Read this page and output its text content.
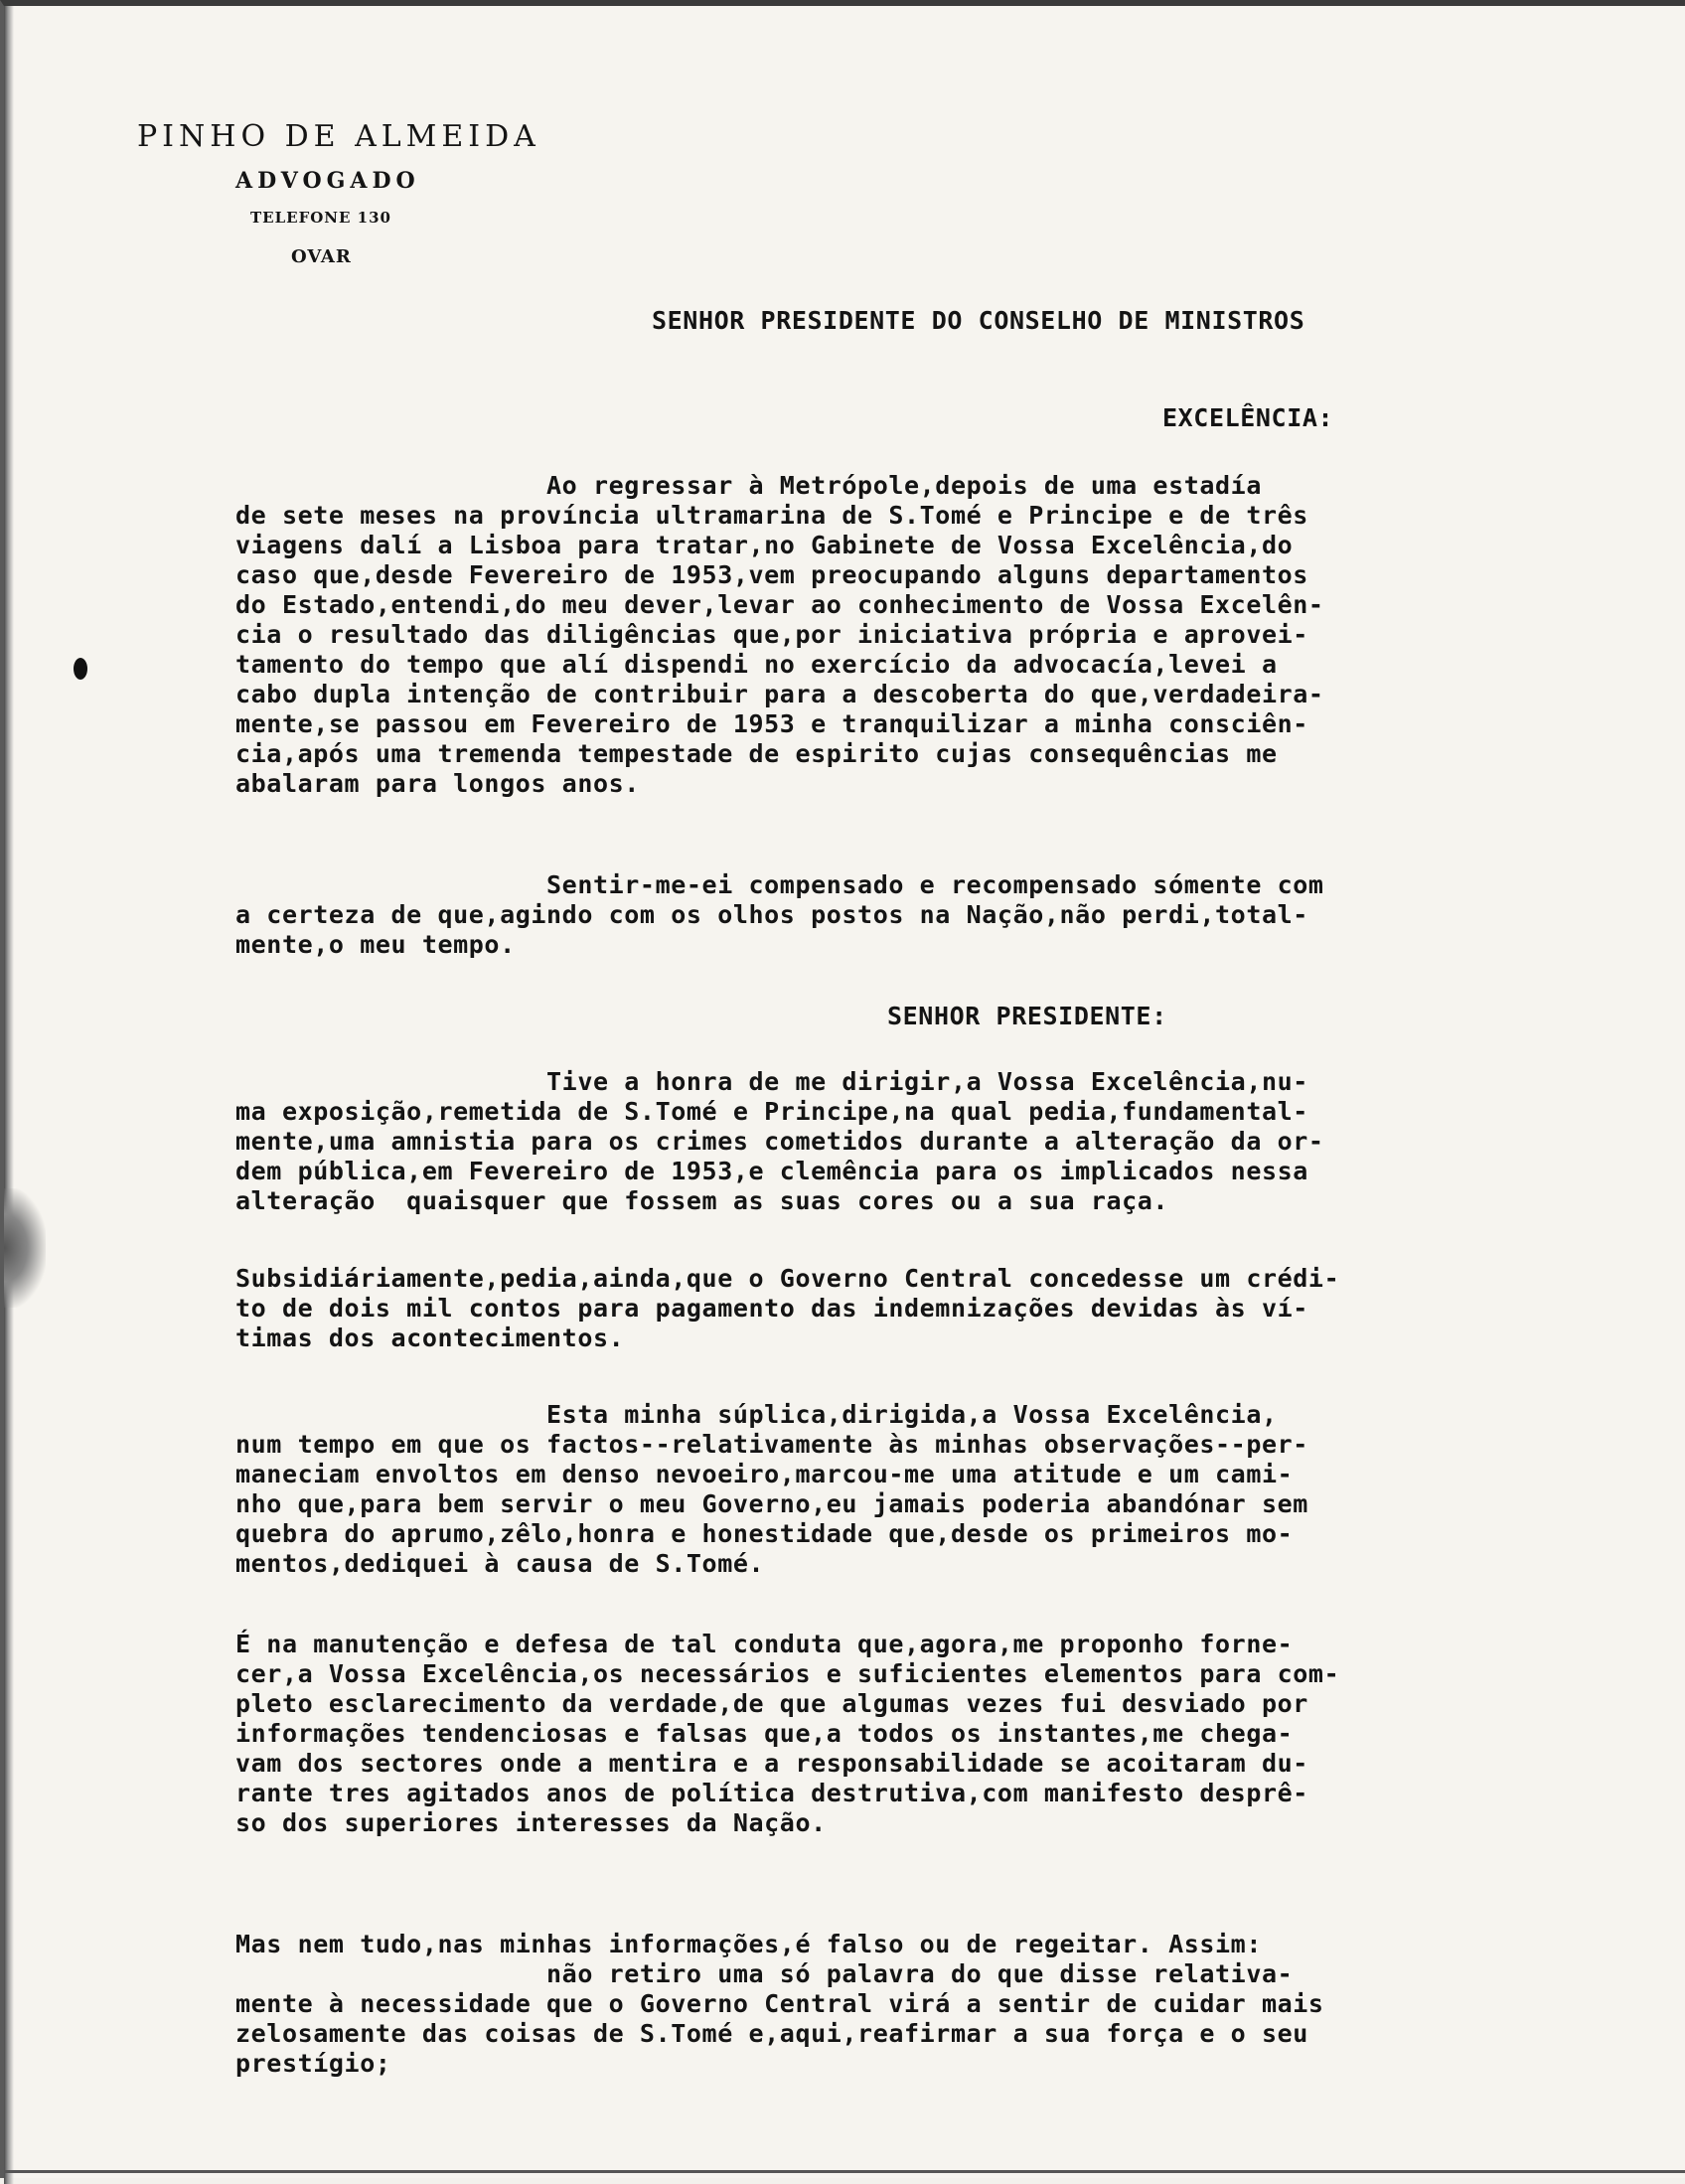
PINHO DE ALMEIDA
ADVOGADO
TELEFONE 130
OVAR
SENHOR PRESIDENTE DO CONSELHO DE MINISTROS
EXCELÊNCIA:
Ao regressar à Metrópole,depois de uma estadía
de sete meses na província ultramarina de S.Tomé e Principe e de três
viagens dalí a Lisboa para tratar,no Gabinete de Vossa Excelência,do
caso que,desde Fevereiro de 1953,vem preocupando alguns departamentos
do Estado,entendi,do meu dever,levar ao conhecimento de Vossa Excelên-
cia o resultado das diligências que,por iniciativa própria e aprovei-
tamento do tempo que alí dispendi no exercício da advocacía,levei a
cabo dupla intenção de contribuir para a descoberta do que,verdadeira-
mente,se passou em Fevereiro de 1953 e tranquilizar a minha consciên-
cia,após uma tremenda tempestade de espirito cujas consequências me
abalaram para longos anos.
Sentir-me-ei compensado e recompensado sómente com
a certeza de que,agindo com os olhos postos na Nação,não perdi,total-
mente,o meu tempo.
SENHOR PRESIDENTE:
Tive a honra de me dirigir,a Vossa Excelência,nu-
ma exposição,remetida de S.Tomé e Principe,na qual pedia,fundamental-
mente,uma amnistia para os crimes cometidos durante a alteração da or-
dem pública,em Fevereiro de 1953,e clemência para os implicados nessa
alteração  quaisquer que fossem as suas cores ou a sua raça.
Subsidiáriamente,pedia,ainda,que o Governo Central concedesse um crédi-
to de dois mil contos para pagamento das indemnizações devidas às ví-
timas dos acontecimentos.
Esta minha súplica,dirigida,a Vossa Excelência,
num tempo em que os factos--relativamente às minhas observações--per-
maneciam envoltos em denso nevoeiro,marcou-me uma atitude e um cami-
nho que,para bem servir o meu Governo,eu jamais poderia abandónar sem
quebra do aprumo,zêlo,honra e honestidade que,desde os primeiros mo-
mentos,dediquei à causa de S.Tomé.
É na manutenção e defesa de tal conduta que,agora,me proponho forne-
cer,a Vossa Excelência,os necessários e suficientes elementos para com-
pleto esclarecimento da verdade,de que algumas vezes fui desviado por
informações tendenciosas e falsas que,a todos os instantes,me chega-
vam dos sectores onde a mentira e a responsabilidade se acoitaram du-
rante tres agitados anos de política destrutiva,com manifesto desprê-
so dos superiores interesses da Nação.
Mas nem tudo,nas minhas informações,é falso ou de regeitar. Assim:
não retiro uma só palavra do que disse relativa-
mente à necessidade que o Governo Central virá a sentir de cuidar mais
zelosamente das coisas de S.Tomé e,aqui,reafirmar a sua força e o seu
prestígio;
